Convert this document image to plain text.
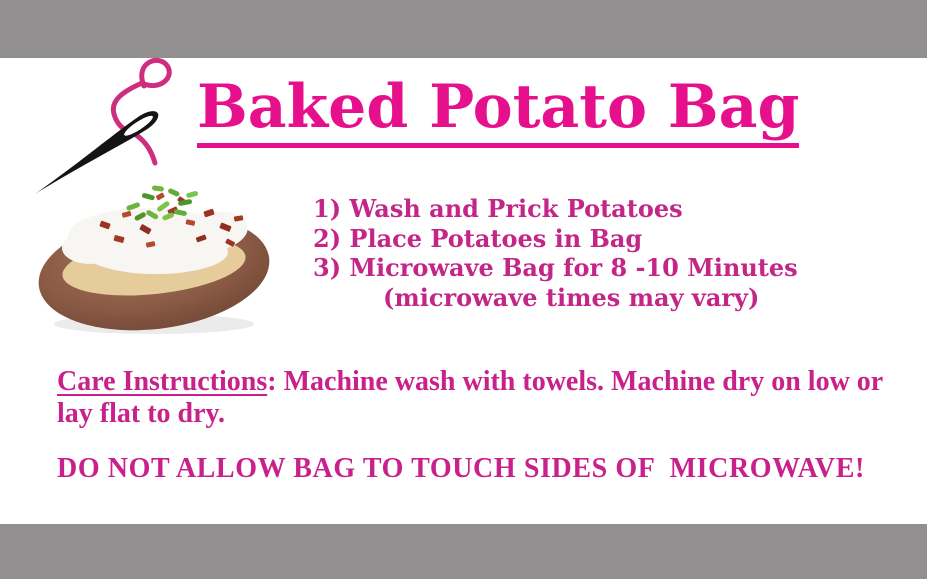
Baked Potato Bag
1) Wash and Prick Potatoes
2) Place Potatoes in Bag
3) Microwave Bag for 8 -10 Minutes
(microwave times may vary)
Care Instructions: Machine wash with towels. Machine dry on low or lay flat to dry.
DO NOT ALLOW BAG TO TOUCH SIDES OF  MICROWAVE!
